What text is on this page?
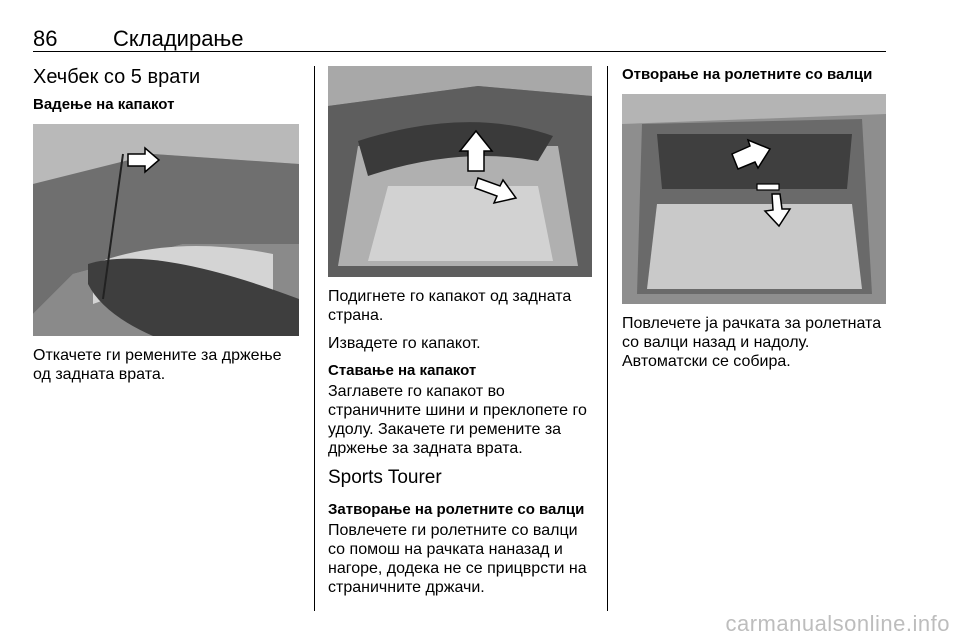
86	Складирање
Хечбек со 5 врати
Вадење на капакот
Откачете ги ремените за држење од задната врата.
Подигнете го капакот од задната страна.
Извадете го капакот.
Ставање на капакот
Заглавете го капакот во страничните шини и преклопете го удолу. Закачете ги ремените за држење за задната врата.
Sports Tourer
Затворање на ролетните со валци
Повлечете ги ролетните со валци со помош на рачката наназад и нагоре, додека не се прицврсти на страничните држачи.
Отворање на ролетните со валци
Повлечете ја рачката за ролетната со валци назад и надолу.
Автоматски се собира.
carmanualsonline.info
